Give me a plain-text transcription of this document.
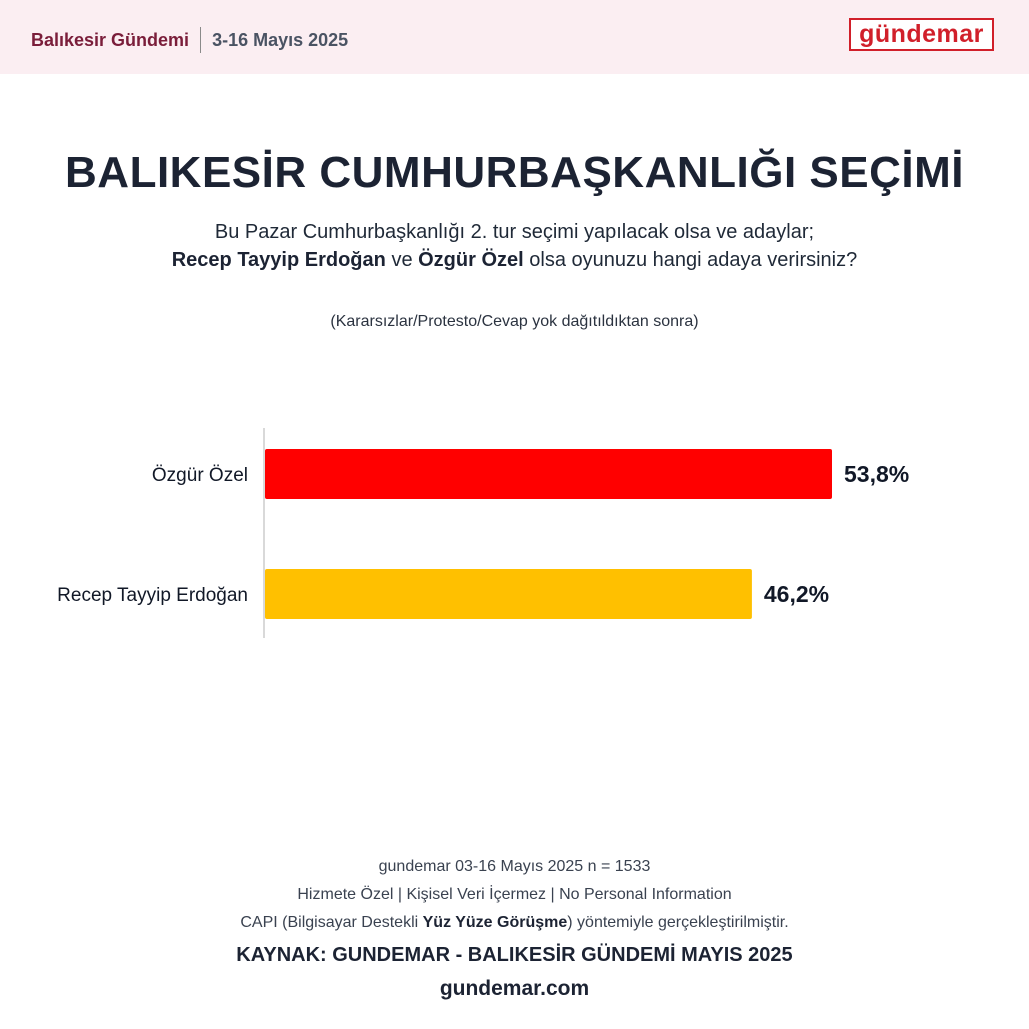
Balıkesir Gündemi 3-16 Mayıs 2025	gündemar
BALIKESİR CUMHURBAŞKANLIĞI SEÇİMİ
Bu Pazar Cumhurbaşkanlığı 2. tur seçimi yapılacak olsa ve adaylar;
Recep Tayyip Erdoğan ve Özgür Özel olsa oyunuzu hangi adaya verirsiniz?
(Kararsızlar/Protesto/Cevap yok dağıtıldıktan sonra)
Özgür Özel	53,8%
Recep Tayyip Erdoğan	46,2%
gundemar 03-16 Mayıs 2025 n = 1533
Hizmete Özel | Kişisel Veri İçermez | No Personal Information
CAPI (Bilgisayar Destekli Yüz Yüze Görüşme) yöntemiyle gerçekleştirilmiştir.
KAYNAK: GUNDEMAR - BALIKESİR GÜNDEMİ MAYIS 2025
gundemar.com
